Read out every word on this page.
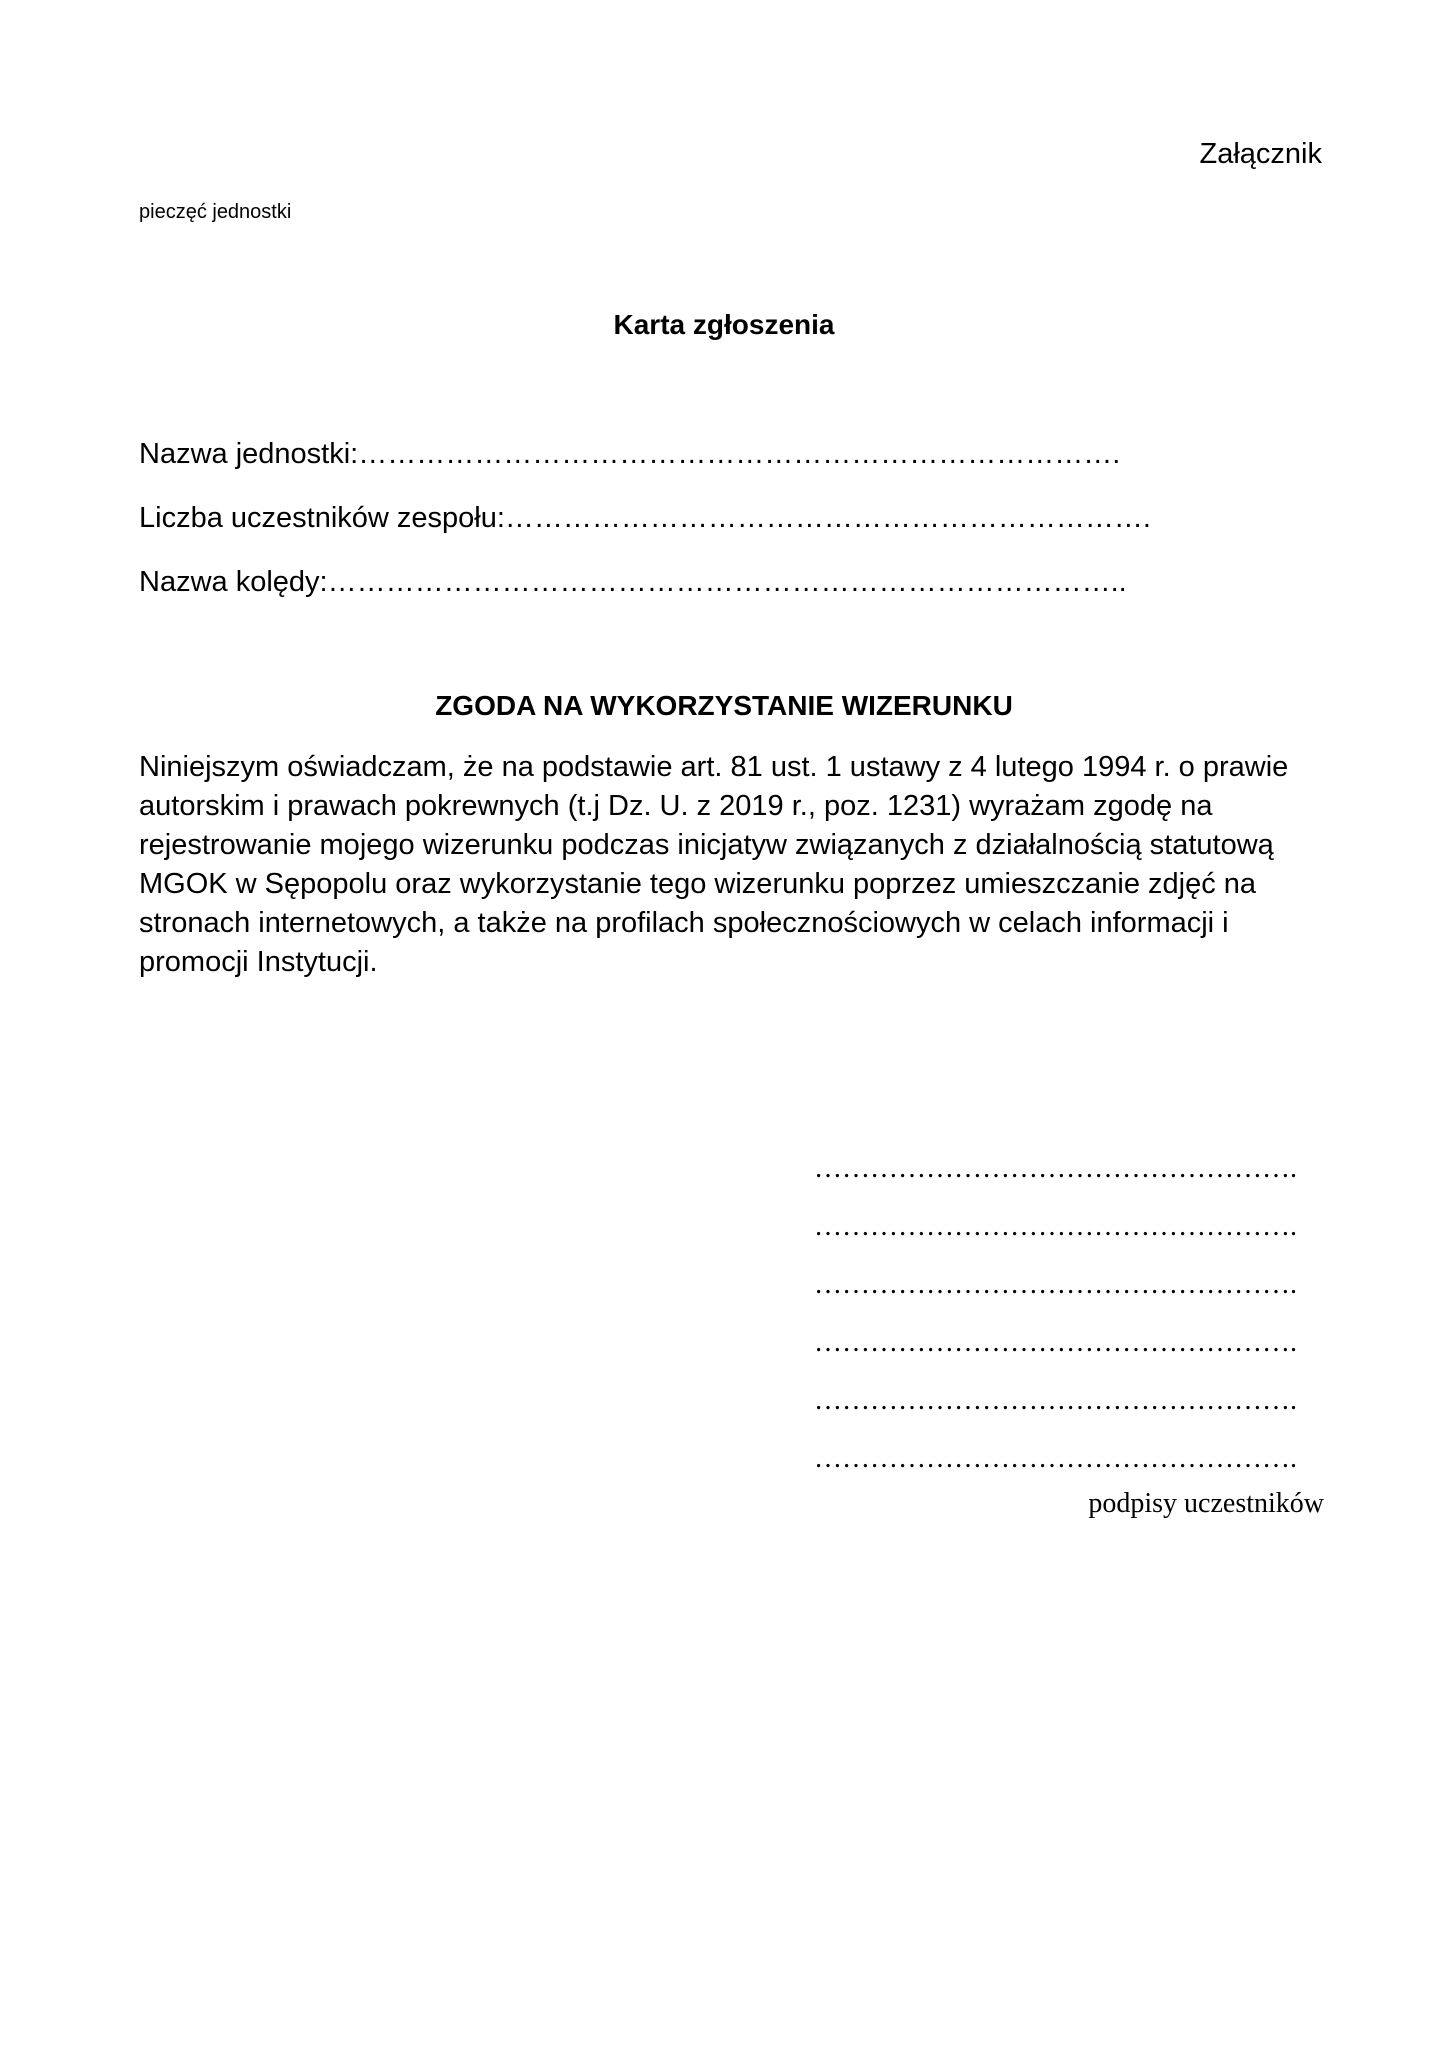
Załącznik
pieczęć jednostki
Karta zgłoszenia
Nazwa jednostki:…………………………………………………………………….
Liczba uczestników zespołu:………………………………………………………….
Nazwa kolędy:………………………………………………………………………..
ZGODA NA WYKORZYSTANIE WIZERUNKU
Niniejszym oświadczam, że na podstawie art. 81 ust. 1 ustawy z 4 lutego 1994 r. o prawie
autorskim i prawach pokrewnych (t.j Dz. U. z 2019 r., poz. 1231) wyrażam zgodę na
rejestrowanie mojego wizerunku podczas inicjatyw związanych z działalnością statutową
MGOK w Sępopolu oraz wykorzystanie tego wizerunku poprzez umieszczanie zdjęć na
stronach internetowych, a także na profilach społecznościowych w celach informacji i
promocji Instytucji.
…………………………………………….
…………………………………………….
…………………………………………….
…………………………………………….
…………………………………………….
…………………………………………….
podpisy uczestników
